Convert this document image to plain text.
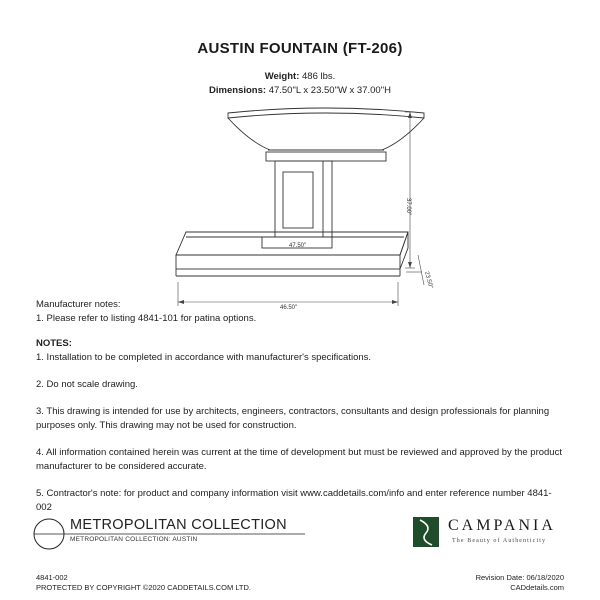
AUSTIN FOUNTAIN (FT-206)
Weight: 486 lbs.
Dimensions: 47.50"L x 23.50"W x 37.00"H
47.50"
46.50"
37.00"
23.50"

Manufacturer notes:

1. Please refer to listing 4841-101 for patina options.

NOTES:

1. Installation to be completed in accordance with manufacturer's specifications.

2. Do not scale drawing.

3. This drawing is intended for use by architects, engineers, contractors, consultants and design professionals for planning purposes only. This drawing may not be used for construction.

4. All information contained herein was current at the time of development but must be reviewed and approved by the product manufacturer to be considered accurate.

5. Contractor's note: for product and company information visit www.caddetails.com/info and enter reference number 4841-002

METROPOLITAN COLLECTION
METROPOLITAN COLLECTION: AUSTIN
CAMPANIA
The Beauty of Authenticity
4841-002
PROTECTED BY COPYRIGHT ©2020 CADDETAILS.COM LTD.
Revision Date: 06/18/2020
CADdetails.com
